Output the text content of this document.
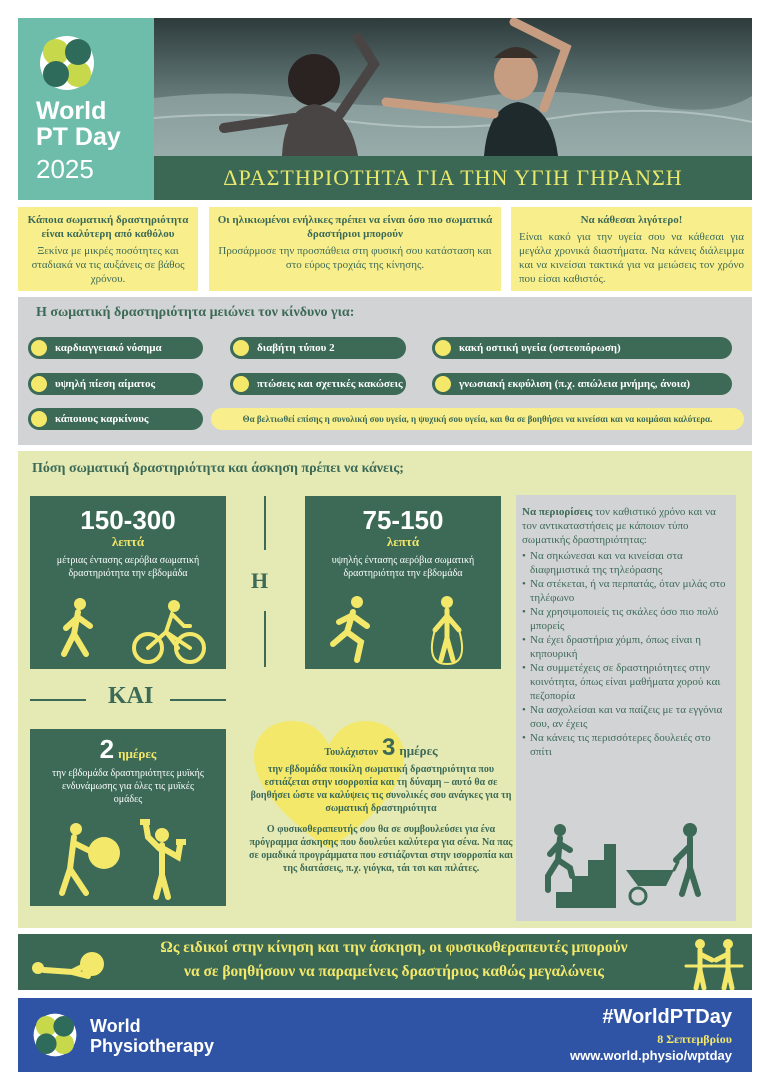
World
PT Day
2025	ΔΡΑΣΤΗΡΙΟΤΗΤΑ ΓΙΑ ΤΗΝ ΥΓΙΗ ΓΗΡΑΝΣΗ
Κάποια σωματική δραστηριότητα είναι καλύτερη από καθόλου
Ξεκίνα με μικρές ποσότητες και σταδιακά να τις αυξάνεις σε βάθος χρόνου.
Οι ηλικιωμένοι ενήλικες πρέπει να είναι όσο πιο σωματικά δραστήριοι μπορούν
Προσάρμοσε την προσπάθεια στη φυσική σου κατάσταση και στο εύρος τροχιάς της κίνησης.
Να κάθεσαι λιγότερο!
Είναι κακό για την υγεία σου να κάθεσαι για μεγάλα χρονικά διαστήματα. Να κάνεις διάλειμμα και να κινείσαι τακτικά για να μειώσεις τον χρόνο που είσαι καθιστός.
Η σωματική δραστηριότητα μειώνει τον κίνδυνο για:
καρδιαγγειακό νόσημα	διαβήτη τύπου 2	κακή οστική υγεία (οστεοπόρωση)
υψηλή πίεση αίματος	πτώσεις και σχετικές κακώσεις	γνωσιακή εκφύλιση (π.χ. απώλεια μνήμης, άνοια)
κάποιους καρκίνους	Θα βελτιωθεί επίσης η συνολική σου υγεία, η ψυχική σου υγεία, και θα σε βοηθήσει να κινείσαι και να κοιμάσαι καλύτερα.
Πόση σωματική δραστηριότητα και άσκηση πρέπει να κάνεις;
150-300
λεπτά
μέτριας έντασης αερόβια σωματική δραστηριότητα την εβδομάδα	Η
75-150
λεπτά
υψηλής έντασης αερόβια σωματική δραστηριότητα την εβδομάδα
ΚΑΙ
2 ημέρες
την εβδομάδα δραστηριότητες μυϊκής ενδυνάμωσης για όλες τις μυϊκές ομάδες
Τουλάχιστον 3 ημέρες
την εβδομάδα ποικίλη σωματική δραστηριότητα που εστιάζεται στην ισορροπία και τη δύναμη – αυτό θα σε βοηθήσει ώστε να καλύψεις τις συνολικές σου ανάγκες για τη σωματική δραστηριότητα
Ο φυσικοθεραπευτής σου θα σε συμβουλεύσει για ένα πρόγραμμα άσκησης που δουλεύει καλύτερα για σένα. Να πας σε ομαδικά προγράμματα που εστιάζονται στην ισορροπία και της διατάσεις, π.χ. γιόγκα, τάι τσι και πιλάτες.
Να περιορίσεις τον καθιστικό χρόνο και να τον αντικαταστήσεις με κάποιον τύπο σωματικής δραστηριότητας:
• Να σηκώνεσαι και να κινείσαι στα διαφημιστικά της τηλεόρασης
• Να στέκεται, ή να περπατάς, όταν μιλάς στο τηλέφωνο
• Να χρησιμοποιείς τις σκάλες όσο πιο πολύ μπορείς
• Να έχει δραστήρια χόμπι, όπως είναι η κηπουρική
• Να συμμετέχεις σε δραστηριότητες στην κοινότητα, όπως είναι μαθήματα χορού και πεζοπορία
• Να ασχολείσαι και να παίζεις με τα εγγόνια σου, αν έχεις
• Να κάνεις τις περισσότερες δουλειές στο σπίτι
Ως ειδικοί στην κίνηση και την άσκηση, οι φυσικοθεραπευτές μπορούν
να σε βοηθήσουν να παραμείνεις δραστήριος καθώς μεγαλώνεις
World
Physiotherapy
#WorldPTDay
8 Σεπτεμβρίου
www.world.physio/wptday
